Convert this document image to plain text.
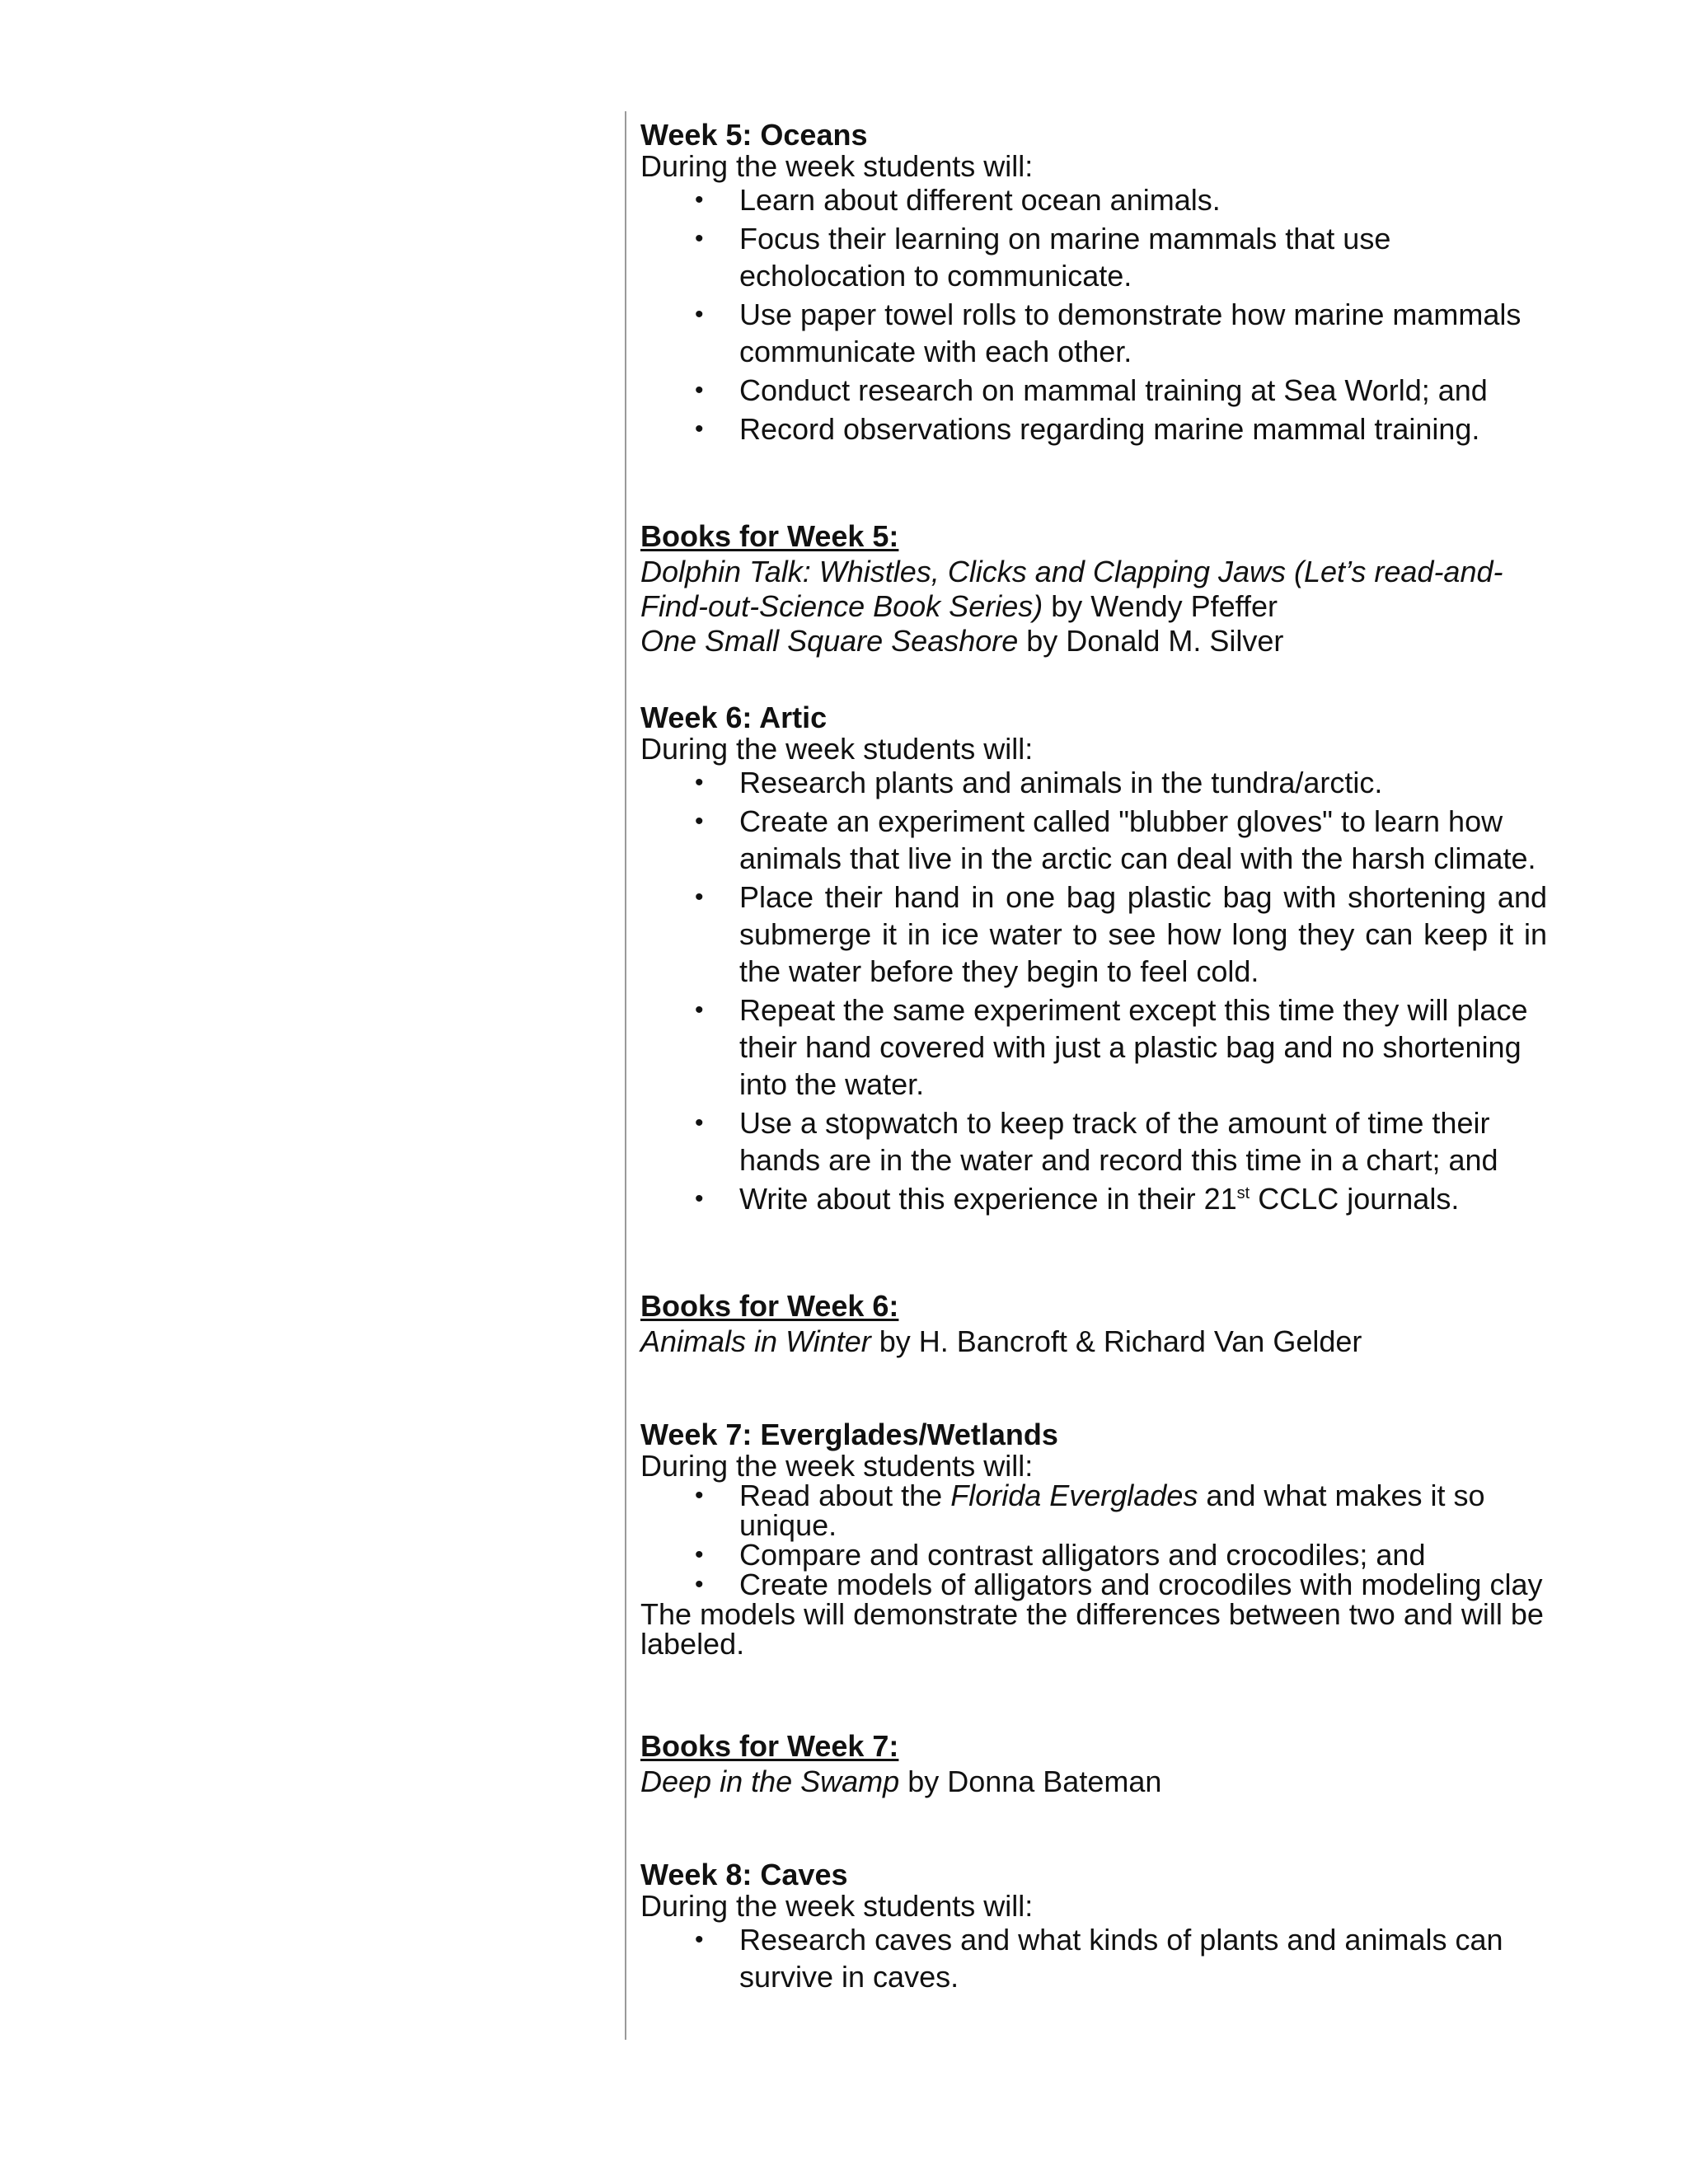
Week 5: Oceans

During the week students will:

• Learn about different ocean animals.
• Focus their learning on marine mammals that use echolocation to communicate.
• Use paper towel rolls to demonstrate how marine mammals communicate with each other.
• Conduct research on mammal training at Sea World; and
• Record observations regarding marine mammal training.

Books for Week 5:

Dolphin Talk: Whistles, Clicks and Clapping Jaws (Let’s read-and-Find-out-Science Book Series) by Wendy Pfeffer

One Small Square Seashore by Donald M. Silver

Week 6: Artic

During the week students will:

• Research plants and animals in the tundra/arctic.
• Create an experiment called "blubber gloves" to learn how animals that live in the arctic can deal with the harsh climate.
• Place their hand in one bag plastic bag with shortening and submerge it in ice water to see how long they can keep it in the water before they begin to feel cold.
• Repeat the same experiment except this time they will place their hand covered with just a plastic bag and no shortening into the water.
• Use a stopwatch to keep track of the amount of time their hands are in the water and record this time in a chart; and
• Write about this experience in their 21st CCLC journals.

Books for Week 6:

Animals in Winter by H. Bancroft & Richard Van Gelder

Week 7: Everglades/Wetlands

During the week students will:

• Read about the Florida Everglades and what makes it so unique.
• Compare and contrast alligators and crocodiles; and
• Create models of alligators and crocodiles with modeling clay

The models will demonstrate the differences between two and will be labeled.

Books for Week 7:

Deep in the Swamp by Donna Bateman

Week 8: Caves

During the week students will:

• Research caves and what kinds of plants and animals can survive in caves.
